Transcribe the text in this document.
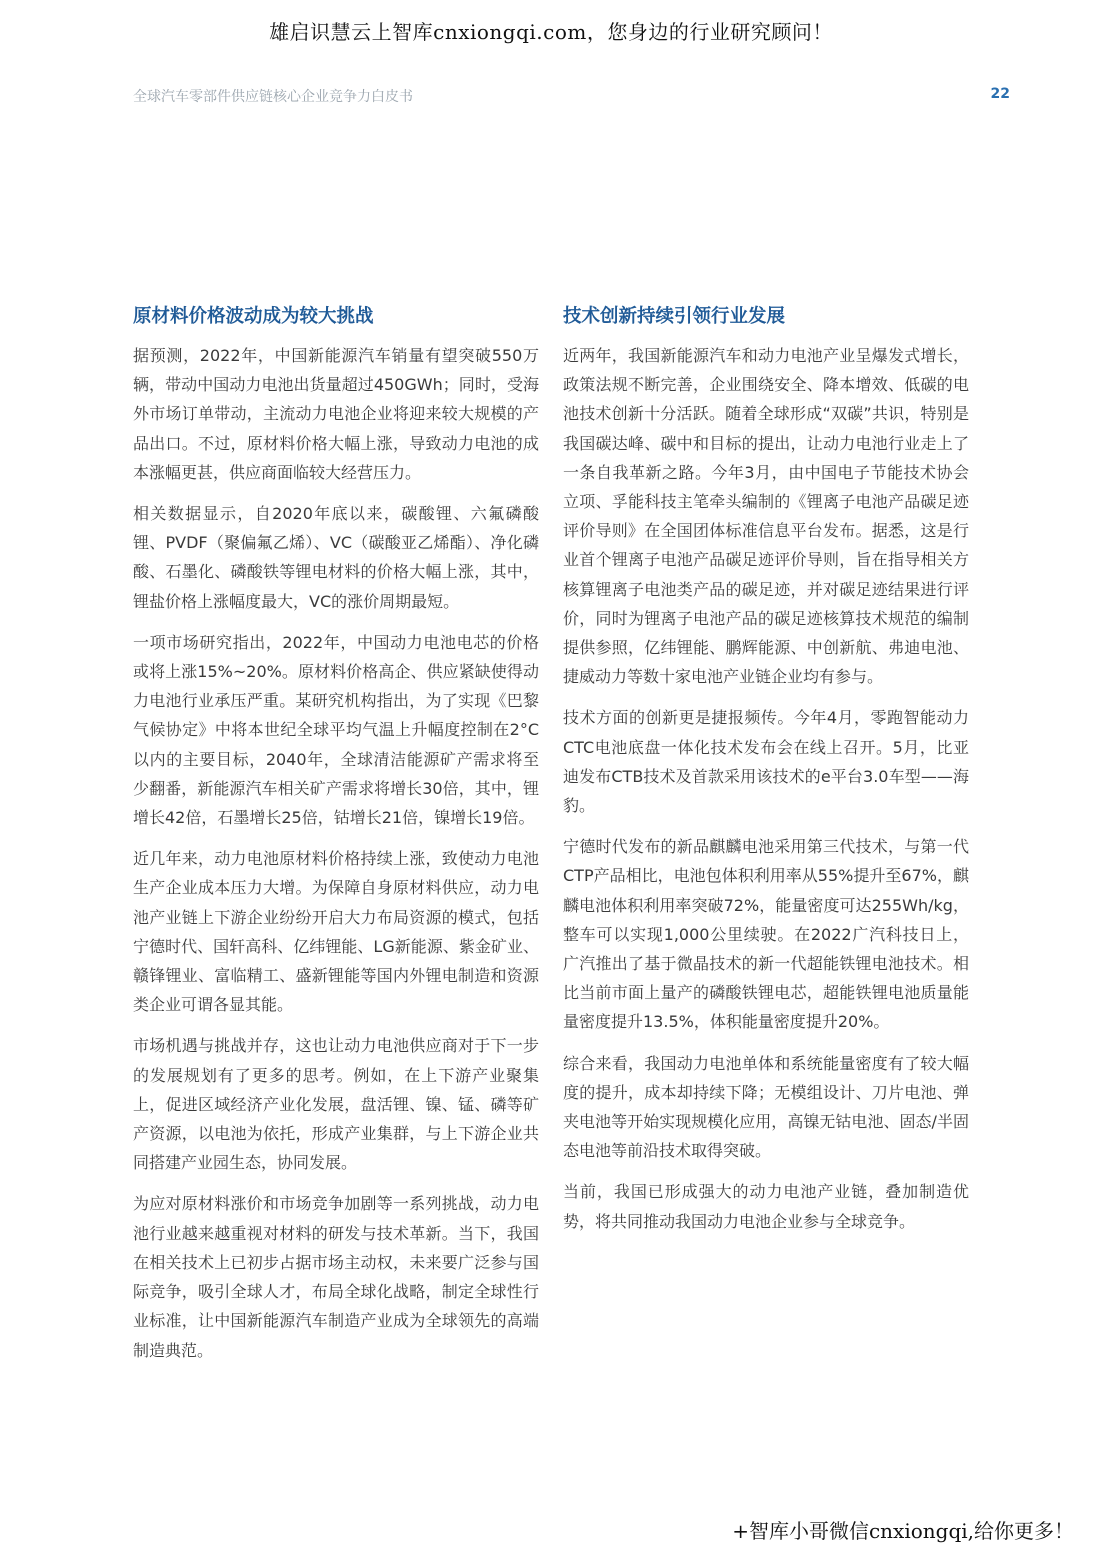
雄启识慧云上智库cnxiongqi.com，您身边的行业研究顾问！
全球汽车零部件供应链核心企业竞争力白皮书	22
原材料价格波动成为较大挑战

据预测，2022年，中国新能源汽车销量有望突破550万辆，带动中国动力电池出货量超过450GWh；同时，受海外市场订单带动，主流动力电池企业将迎来较大规模的产品出口。不过，原材料价格大幅上涨，导致动力电池的成本涨幅更甚，供应商面临较大经营压力。

相关数据显示，自2020年底以来，碳酸锂、六氟磷酸锂、PVDF（聚偏氟乙烯）、VC（碳酸亚乙烯酯）、净化磷酸、石墨化、磷酸铁等锂电材料的价格大幅上涨，其中，锂盐价格上涨幅度最大，VC的涨价周期最短。

一项市场研究指出，2022年，中国动力电池电芯的价格或将上涨15%~20%。原材料价格高企、供应紧缺使得动力电池行业承压严重。某研究机构指出，为了实现《巴黎气候协定》中将本世纪全球平均气温上升幅度控制在2°C以内的主要目标，2040年，全球清洁能源矿产需求将至少翻番，新能源汽车相关矿产需求将增长30倍，其中，锂增长42倍，石墨增长25倍，钴增长21倍，镍增长19倍。

近几年来，动力电池原材料价格持续上涨，致使动力电池生产企业成本压力大增。为保障自身原材料供应，动力电池产业链上下游企业纷纷开启大力布局资源的模式，包括宁德时代、国轩高科、亿纬锂能、LG新能源、紫金矿业、赣锋锂业、富临精工、盛新锂能等国内外锂电制造和资源类企业可谓各显其能。

市场机遇与挑战并存，这也让动力电池供应商对于下一步的发展规划有了更多的思考。例如，在上下游产业聚集上，促进区域经济产业化发展，盘活锂、镍、锰、磷等矿产资源，以电池为依托，形成产业集群，与上下游企业共同搭建产业园生态，协同发展。

为应对原材料涨价和市场竞争加剧等一系列挑战，动力电池行业越来越重视对材料的研发与技术革新。当下，我国在相关技术上已初步占据市场主动权，未来要广泛参与国际竞争，吸引全球人才，布局全球化战略，制定全球性行业标准，让中国新能源汽车制造产业成为全球领先的高端制造典范。

技术创新持续引领行业发展

近两年，我国新能源汽车和动力电池产业呈爆发式增长，政策法规不断完善，企业围绕安全、降本增效、低碳的电池技术创新十分活跃。随着全球形成“双碳”共识，特别是我国碳达峰、碳中和目标的提出，让动力电池行业走上了一条自我革新之路。今年3月，由中国电子节能技术协会立项、孚能科技主笔牵头编制的《锂离子电池产品碳足迹评价导则》在全国团体标准信息平台发布。据悉，这是行业首个锂离子电池产品碳足迹评价导则，旨在指导相关方核算锂离子电池类产品的碳足迹，并对碳足迹结果进行评价，同时为锂离子电池产品的碳足迹核算技术规范的编制提供参照，亿纬锂能、鹏辉能源、中创新航、弗迪电池、捷威动力等数十家电池产业链企业均有参与。

技术方面的创新更是捷报频传。今年4月，零跑智能动力CTC电池底盘一体化技术发布会在线上召开。5月，比亚迪发布CTB技术及首款采用该技术的e平台3.0车型——海豹。

宁德时代发布的新品麒麟电池采用第三代技术，与第一代CTP产品相比，电池包体积利用率从55%提升至67%，麒麟电池体积利用率突破72%，能量密度可达255Wh/kg，整车可以实现1,000公里续驶。在2022广汽科技日上，广汽推出了基于微晶技术的新一代超能铁锂电池技术。相比当前市面上量产的磷酸铁锂电芯，超能铁锂电池质量能量密度提升13.5%，体积能量密度提升20%。

综合来看，我国动力电池单体和系统能量密度有了较大幅度的提升，成本却持续下降；无模组设计、刀片电池、弹夹电池等开始实现规模化应用，高镍无钴电池、固态/半固态电池等前沿技术取得突破。

当前，我国已形成强大的动力电池产业链，叠加制造优势，将共同推动我国动力电池企业参与全球竞争。

+智库小哥微信cnxiongqi,给你更多！
